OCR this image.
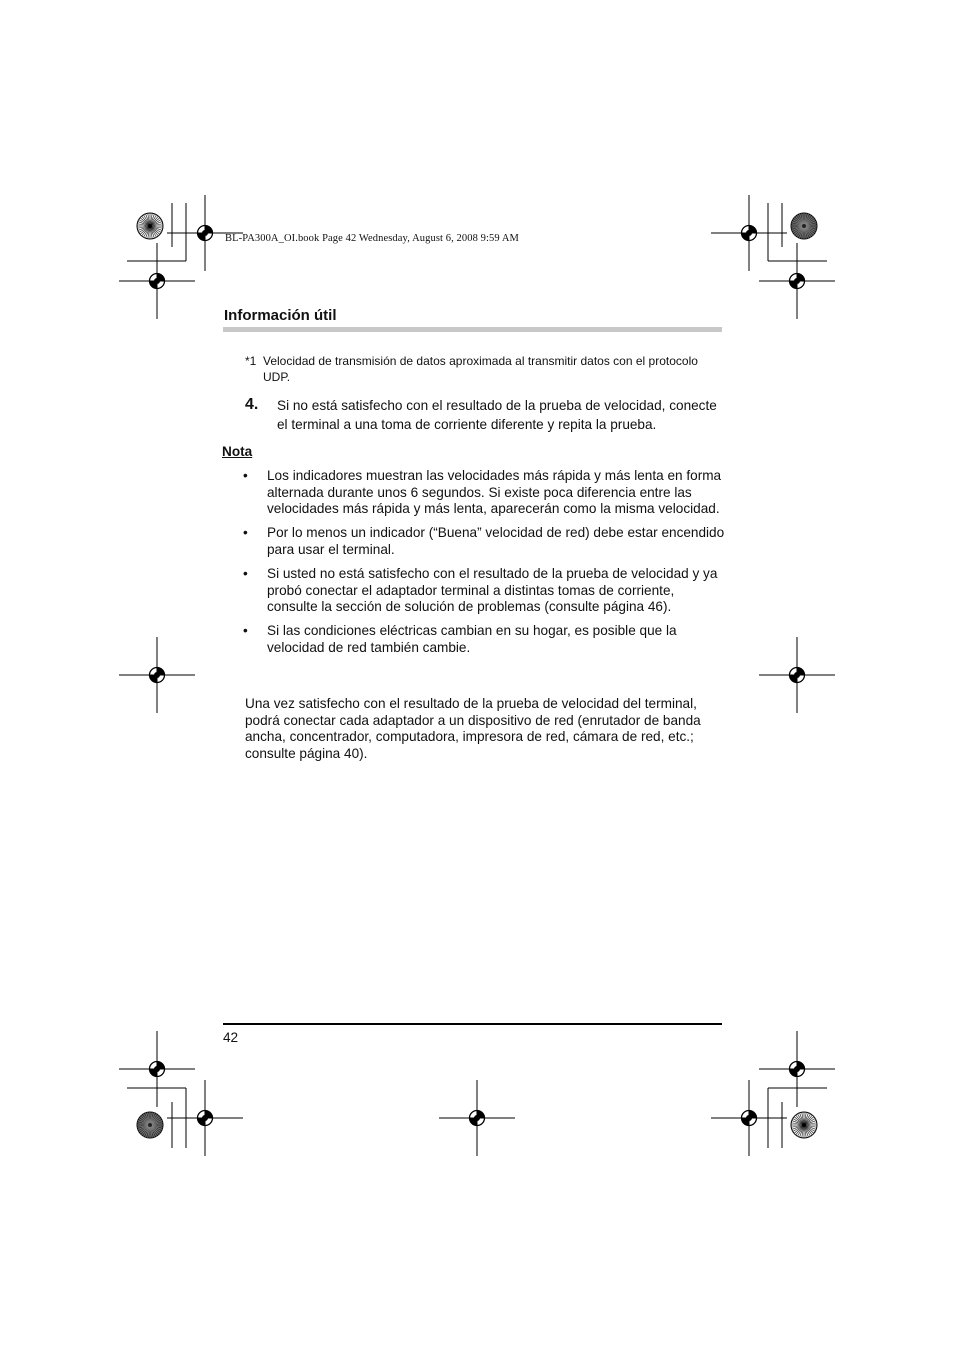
BL-PA300A_OI.book Page 42 Wednesday, August 6, 2008 9:59 AM
Información útil
*1 Velocidad de transmisión de datos aproximada al transmitir datos con el protocolo UDP.
4.	Si no está satisfecho con el resultado de la prueba de velocidad, conecte el terminal a una toma de corriente diferente y repita la prueba.
Nota
• Los indicadores muestran las velocidades más rápida y más lenta en forma alternada durante unos 6 segundos. Si existe poca diferencia entre las velocidades más rápida y más lenta, aparecerán como la misma velocidad.
• Por lo menos un indicador (“Buena” velocidad de red) debe estar encendido para usar el terminal.
• Si usted no está satisfecho con el resultado de la prueba de velocidad y ya probó conectar el adaptador terminal a distintas tomas de corriente, consulte la sección de solución de problemas (consulte página 46).
• Si las condiciones eléctricas cambian en su hogar, es posible que la velocidad de red también cambie.
Una vez satisfecho con el resultado de la prueba de velocidad del terminal, podrá conectar cada adaptador a un dispositivo de red (enrutador de banda ancha, concentrador, computadora, impresora de red, cámara de red, etc.; consulte página 40).
42
